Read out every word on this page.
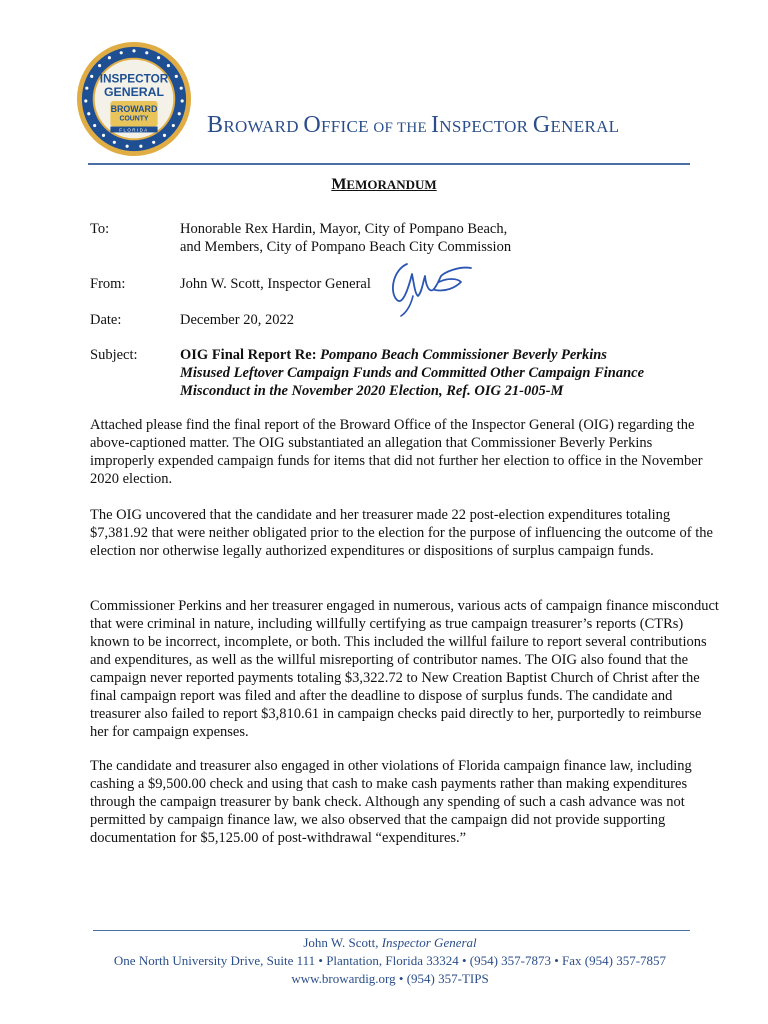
INSPECTOR
GENERAL
BROWARD
COUNTY
FLORIDA BROWARD OFFICE OF THE INSPECTOR GENERAL
MEMORANDUM
To:	Honorable Rex Hardin, Mayor, City of Pompano Beach,
and Members, City of Pompano Beach City Commission
From:	John W. Scott, Inspector General
Date:	December 20, 2022
Subject:	OIG Final Report Re: Pompano Beach Commissioner Beverly Perkins
Misused Leftover Campaign Funds and Committed Other Campaign Finance
Misconduct in the November 2020 Election, Ref. OIG 21-005-M

Attached please find the final report of the Broward Office of the Inspector General (OIG) regarding the above-captioned matter. The OIG substantiated an allegation that Commissioner Beverly Perkins improperly expended campaign funds for items that did not further her election to office in the November 2020 election.

The OIG uncovered that the candidate and her treasurer made 22 post-election expenditures totaling $7,381.92 that were neither obligated prior to the election for the purpose of influencing the outcome of the election nor otherwise legally authorized expenditures or dispositions of surplus campaign funds.

Commissioner Perkins and her treasurer engaged in numerous, various acts of campaign finance misconduct that were criminal in nature, including willfully certifying as true campaign treasurer’s reports (CTRs) known to be incorrect, incomplete, or both. This included the willful failure to report several contributions and expenditures, as well as the willful misreporting of contributor names. The OIG also found that the campaign never reported payments totaling $3,322.72 to New Creation Baptist Church of Christ after the final campaign report was filed and after the deadline to dispose of surplus funds. The candidate and treasurer also failed to report $3,810.61 in campaign checks paid directly to her, purportedly to reimburse her for campaign expenses.

The candidate and treasurer also engaged in other violations of Florida campaign finance law, including cashing a $9,500.00 check and using that cash to make cash payments rather than making expenditures through the campaign treasurer by bank check. Although any spending of such a cash advance was not permitted by campaign finance law, we also observed that the campaign did not provide supporting documentation for $5,125.00 of post-withdrawal “expenditures.”

John W. Scott, Inspector General
One North University Drive, Suite 111 • Plantation, Florida 33324 • (954) 357-7873 • Fax (954) 357-7857
www.browardig.org • (954) 357-TIPS
